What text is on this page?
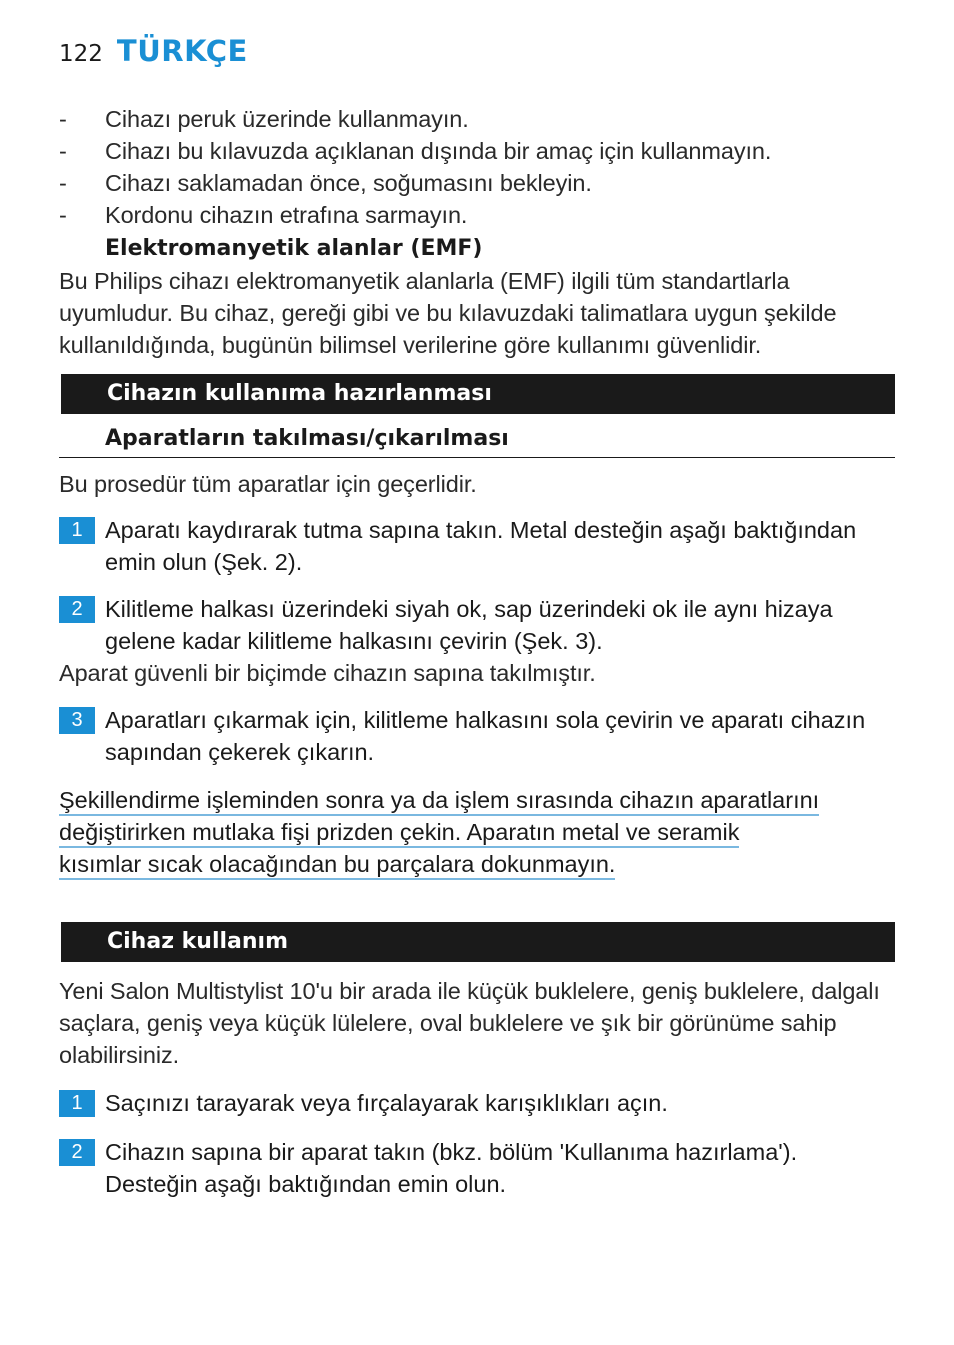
122 TÜRKÇE
- Cihazı peruk üzerinde kullanmayın.
- Cihazı bu kılavuzda açıklanan dışında bir amaç için kullanmayın.
- Cihazı saklamadan önce, soğumasını bekleyin.
- Kordonu cihazın etrafına sarmayın.
Elektromanyetik alanlar (EMF)
Bu Philips cihazı elektromanyetik alanlarla (EMF) ilgili tüm standartlarla uyumludur. Bu cihaz, gereği gibi ve bu kılavuzdaki talimatlara uygun şekilde kullanıldığında, bugünün bilimsel verilerine göre kullanımı güvenlidir.
Cihazın kullanıma hazırlanması
Aparatların takılması/çıkarılması
Bu prosedür tüm aparatlar için geçerlidir.
1 Aparatı kaydırarak tutma sapına takın. Metal desteğin aşağı baktığından emin olun (Şek. 2).
2 Kilitleme halkası üzerindeki siyah ok, sap üzerindeki ok ile aynı hizaya gelene kadar kilitleme halkasını çevirin (Şek. 3).
Aparat güvenli bir biçimde cihazın sapına takılmıştır.
3 Aparatları çıkarmak için, kilitleme halkasını sola çevirin ve aparatı cihazın sapından çekerek çıkarın.
Şekillendirme işleminden sonra ya da işlem sırasında cihazın aparatlarını
değiştirirken mutlaka fişi prizden çekin. Aparatın metal ve seramik
kısımlar sıcak olacağından bu parçalara dokunmayın.
Cihaz kullanım
Yeni Salon Multistylist 10'u bir arada ile küçük buklelere, geniş buklelere, dalgalı saçlara, geniş veya küçük lülelere, oval buklelere ve şık bir görünüme sahip olabilirsiniz.
1 Saçınızı tarayarak veya fırçalayarak karışıklıkları açın.
2 Cihazın sapına bir aparat takın (bkz. bölüm 'Kullanıma hazırlama'). Desteğin aşağı baktığından emin olun.
